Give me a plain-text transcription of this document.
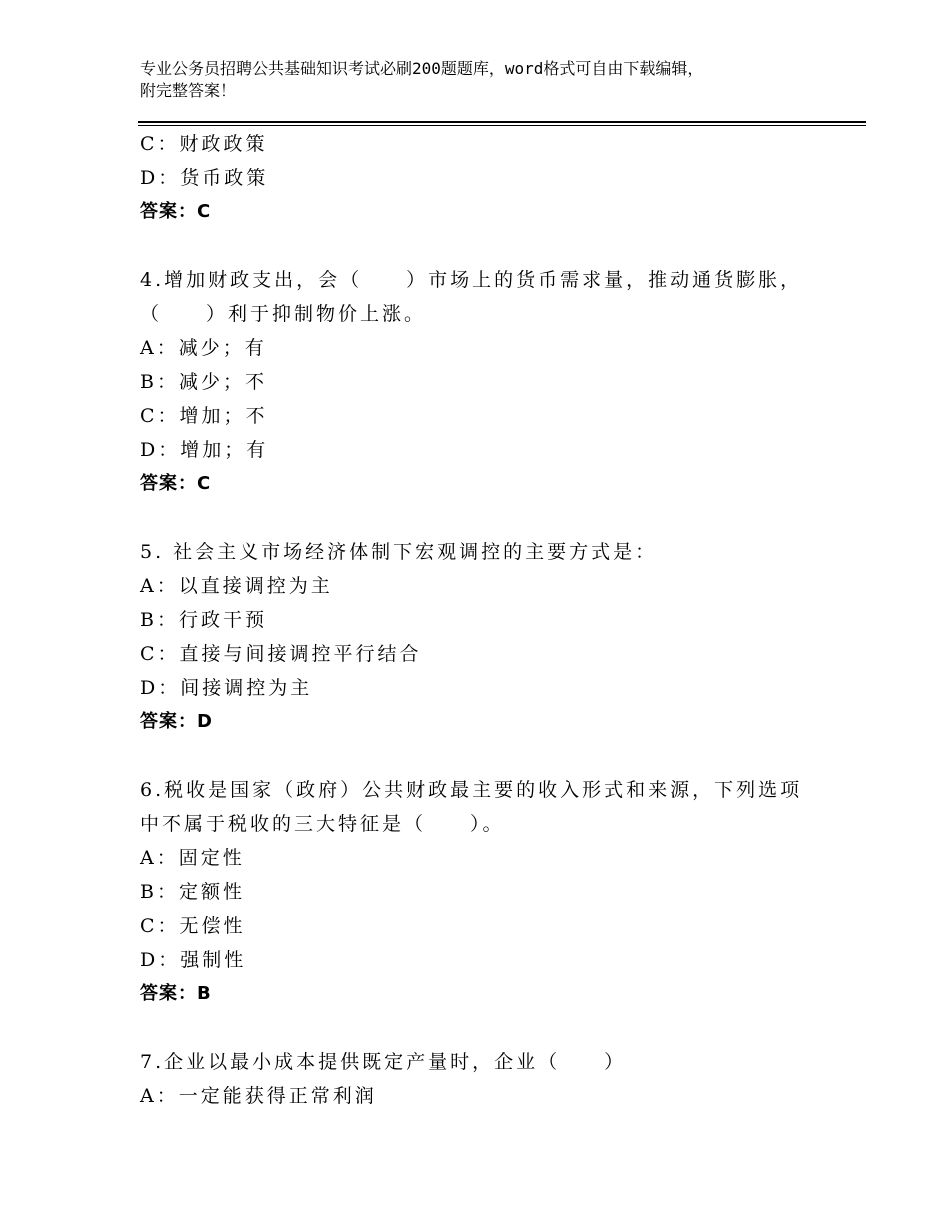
专业公务员招聘公共基础知识考试必刷200题题库，word格式可自由下载编辑，
附完整答案！
C：财政政策
D：货币政策
答案：C
4.增加财政支出，会（　　）市场上的货币需求量，推动通货膨胀，
（　　）利于抑制物价上涨。
A：减少；有
B：减少；不
C：增加；不
D：增加；有
答案：C
5. 社会主义市场经济体制下宏观调控的主要方式是：
A：以直接调控为主
B：行政干预
C：直接与间接调控平行结合
D：间接调控为主
答案：D
6.税收是国家（政府）公共财政最主要的收入形式和来源，下列选项
中不属于税收的三大特征是（　　）。
A：固定性
B：定额性
C：无偿性
D：强制性
答案：B
7.企业以最小成本提供既定产量时，企业（　　）
A：一定能获得正常利润
